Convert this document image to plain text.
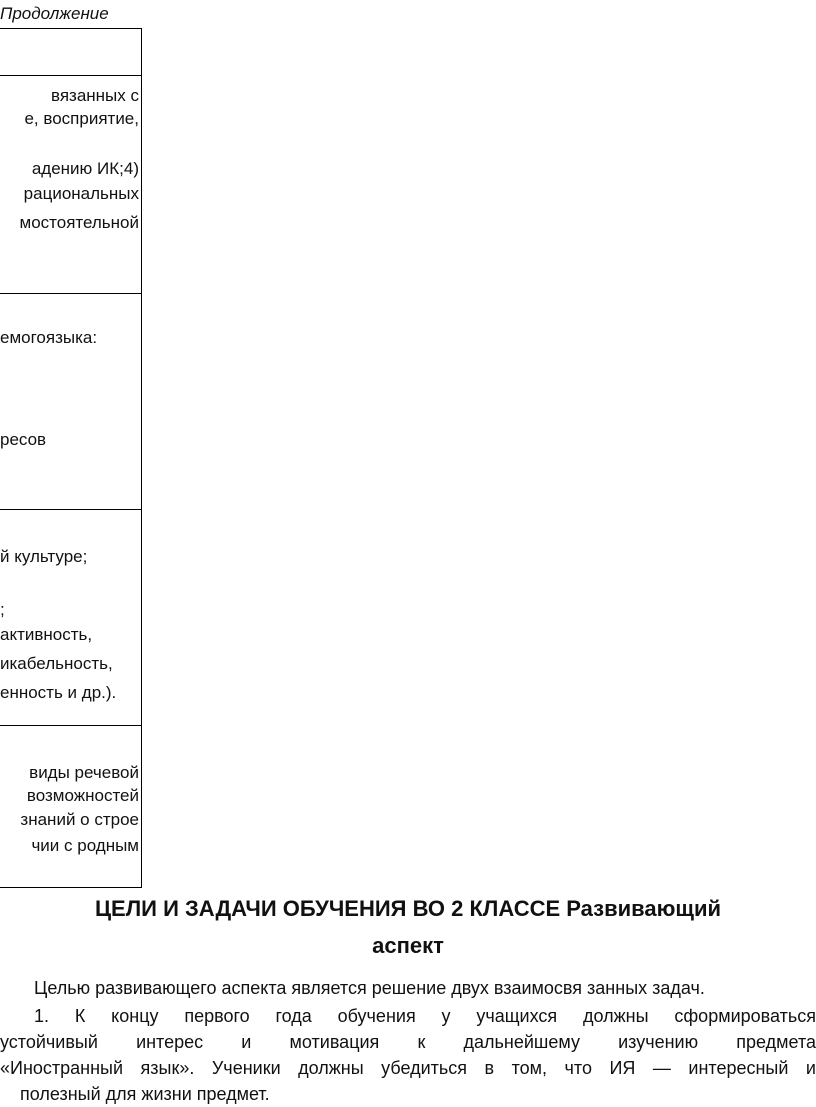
Продолжение
вязанных с
е, восприятие,
адению ИК;4)
рациональных
мостоятельной
емогоязыка:
ресов
й культуре;
;
активность,
икабельность,
енность и др.).
виды речевой
возможностей
знаний о строе
чии с родным
ЦЕЛИ И ЗАДАЧИ ОБУЧЕНИЯ ВО 2 КЛАССЕ Развивающий
аспект
Целью развивающего аспекта является решение двух взаимосвя занных задач.
1. К концу первого года обучения у учащихся должны сформироваться
устойчивый интерес и мотивация к дальнейшему изучению предмета
«Иностранный язык». Ученики должны убедиться в том, что ИЯ — интересный и
полезный для жизни предмет.
